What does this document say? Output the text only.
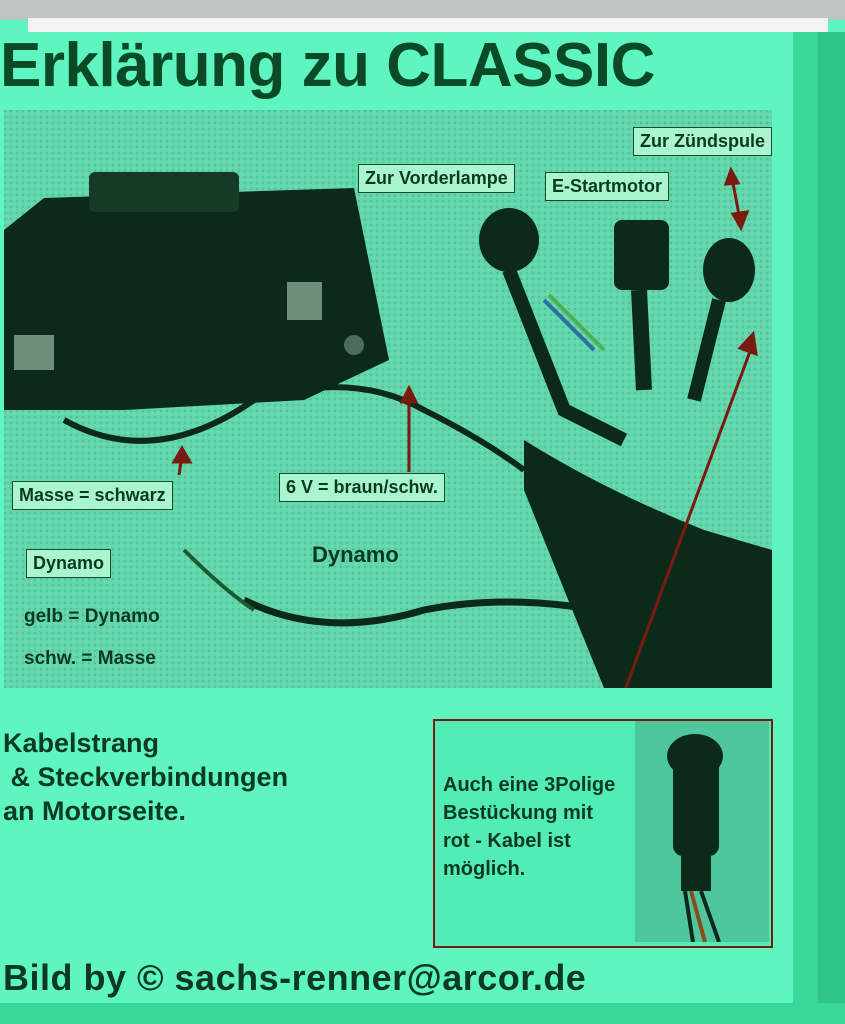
Erklärung zu CLASSIC
Zur Vorderlampe	E-Startmotor
Zur Zündspule
Masse = schwarz	6 V = braun/schw.
Dynamo	Dynamo
gelb = Dynamo
schw. = Masse
Kabelstrang
& Steckverbindungen
an Motorseite.
Auch eine 3Polige
Bestückung mit
rot - Kabel ist
möglich.
Bild by © sachs-renner@arcor.de
